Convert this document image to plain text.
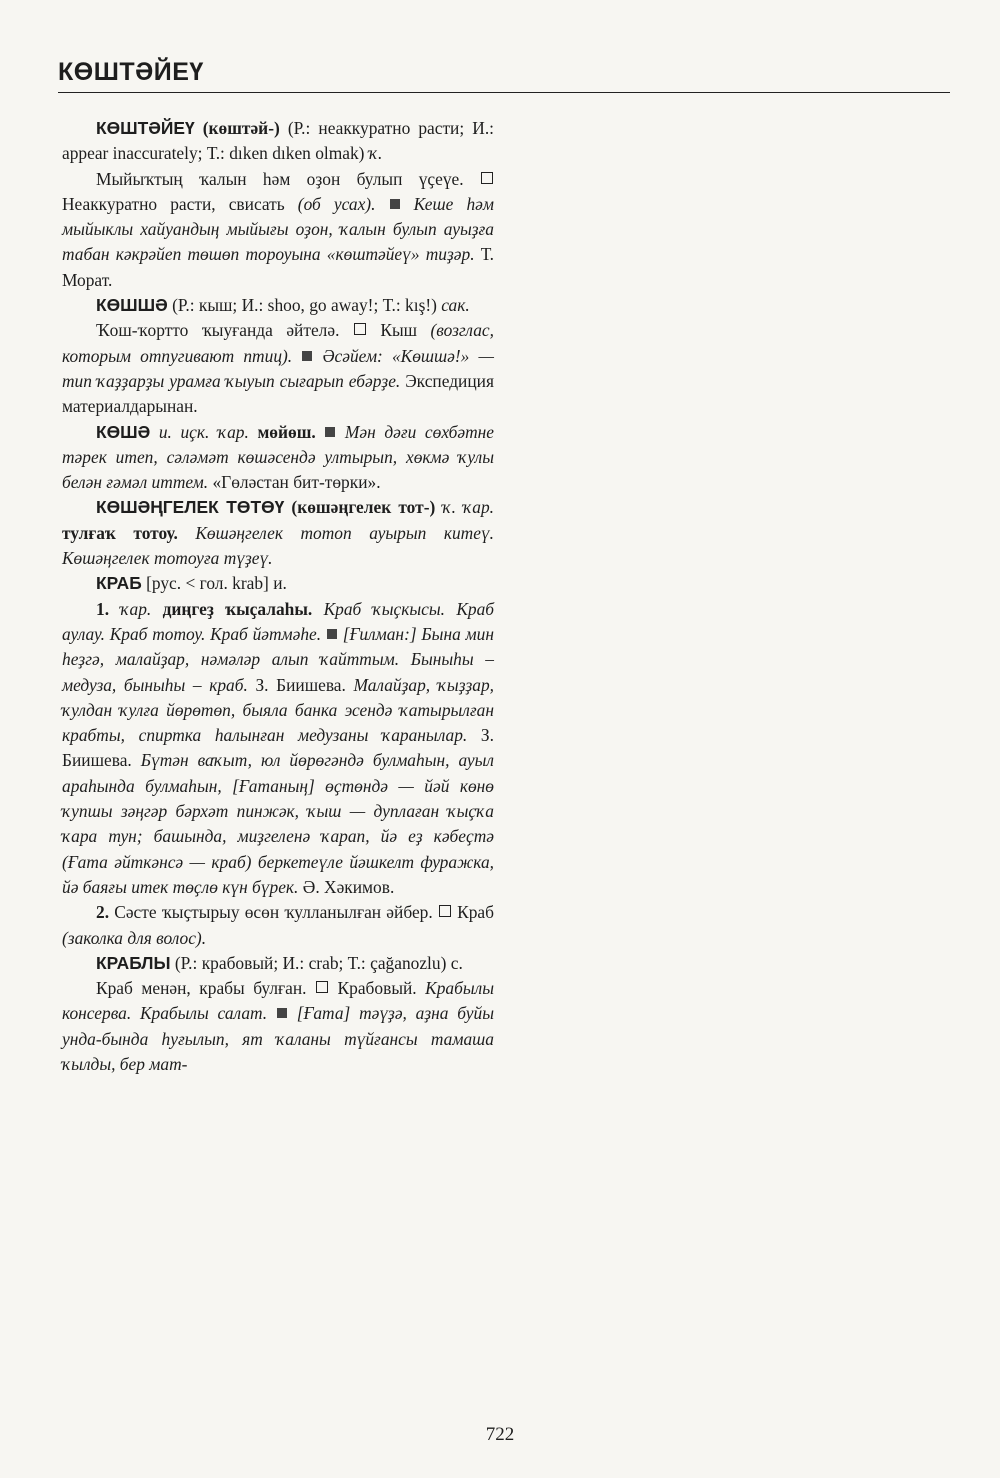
КӨШТӘЙЕҮ

КӨШТӘЙЕҮ (көштәй-) (Р.: неаккуратно расти; И.: appear inaccurately; Т.: dıken dıken olmak) ҡ.

Мыйыҡтың ҡалын һәм оҙон булып үҫеүе.  Неаккуратно расти, свисать (об усах). Кеше һәм мыйыклы хайуандың мыйығы оҙон, ҡалын булып ауыҙға табан кәкрәйеп төшөп тороуына «көштәйеү» тиҙәр. Т. Морат.

КӨШШӘ (Р.: кыш; И.: shoo, go away!; Т.: kış!) сак.

Ҡош-ҡортто ҡыуғанда әйтелә.  Кыш (возглас, которым отпугивают птиц). Әсәйем: «Көшшә!» — тип ҡаҙҙарҙы урамға ҡыуып сығарып ебәрҙе. Экспедиция материалдарынан.

КӨШӘ и. иҫк. ҡар. мөйөш. Мән дәғи сөхбәтне тәрек итеп, сәләмәт көшәсендә ултырып, хөкмә ҡулы белән ғәмәл иттем. «Гөләстан бит-төрки».

КӨШӘҢГЕЛЕК ТӨТӨҮ (көшәңгелек тот-) ҡ. ҡар. тулғаҡ тотоу. Көшәңгелек тотоп ауырып китеү. Көшәңгелек тотоуға түҙеү.

КРАБ [рус. < гол. krab] и.

1. ҡар. диңгеҙ ҡыҫалаһы. Краб ҡыҫкысы. Краб аулау. Краб тотоу. Краб йәтмәһе. [Ғилман:] Бына мин һеҙгә, малайҙар, нәмәләр алып ҡайттым. Быныһы – медуза, быныһы – краб. З. Биишева. Малайҙар, ҡыҙҙар, ҡулдан ҡулға йөрөтөп, быяла банка эсендә ҡатырылған крабты, спиртка һалынған медузаны ҡаранылар. З. Биишева. Бүтән ваҡыт, юл йөрөгәндә булмаһын, ауыл араһында булмаһын, [Ғатаның] өҫтөндә — йәй көнө ҡупшы зәңгәр бәрхәт пинжәк, ҡыш — дуплаған ҡыҫҡа ҡара тун; башында, миҙгеленә ҡарап, йә еҙ кәбеҫтә (Ғата әйткәнсә — краб) беркетеүле йәшкелт фуражка, йә баяғы итек төҫлө күн бүрек. Ә. Хәкимов.

2. Сәсте ҡыҫтырыу өсөн ҡулланылған әйбер.  Краб (заколка для волос).

КРАБЛЫ (Р.: крабовый; И.: crab; Т.: çağanozlu) с.

Краб менән, крабы булған.  Крабовый. Крабылы консерва. Крабылы салат.  [Ғата] тәүҙә, аҙна буйы унда-бында һуғылып, ят ҡаланы түйғансы тамаша ҡылды, бер мат-

722
